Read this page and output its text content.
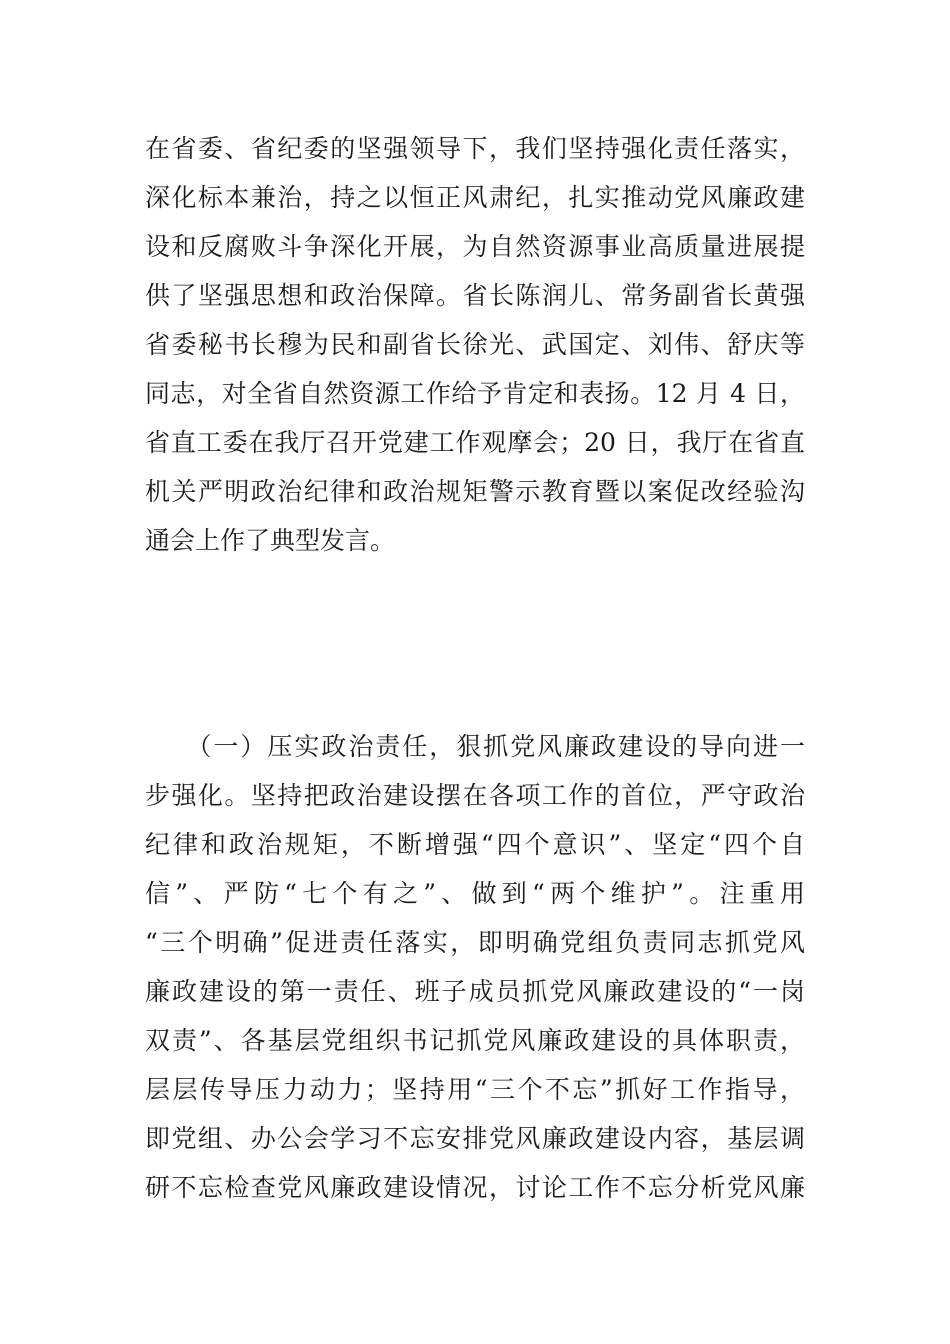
在省委、省纪委的坚强领导下，我们坚持强化责任落实，
深化标本兼治，持之以恒正风肃纪，扎实推动党风廉政建
设和反腐败斗争深化开展，为自然资源事业高质量进展提
供了坚强思想和政治保障。省长陈润儿、常务副省长黄强
省委秘书长穆为民和副省长徐光、武国定、刘伟、舒庆等
同志，对全省自然资源工作给予肯定和表扬。12 月 4 日，
省直工委在我厅召开党建工作观摩会；20 日，我厅在省直
机关严明政治纪律和政治规矩警示教育暨以案促改经验沟
通会上作了典型发言。
　　（一）压实政治责任，狠抓党风廉政建设的导向进一
步强化。坚持把政治建设摆在各项工作的首位，严守政治
纪律和政治规矩，不断增强“四个意识”、坚定“四个自
信”、严防“七个有之”、做到“两个维护”。注重用
“三个明确”促进责任落实，即明确党组负责同志抓党风
廉政建设的第一责任、班子成员抓党风廉政建设的“一岗
双责”、各基层党组织书记抓党风廉政建设的具体职责，
层层传导压力动力；坚持用“三个不忘”抓好工作指导，
即党组、办公会学习不忘安排党风廉政建设内容，基层调
研不忘检查党风廉政建设情况，讨论工作不忘分析党风廉
